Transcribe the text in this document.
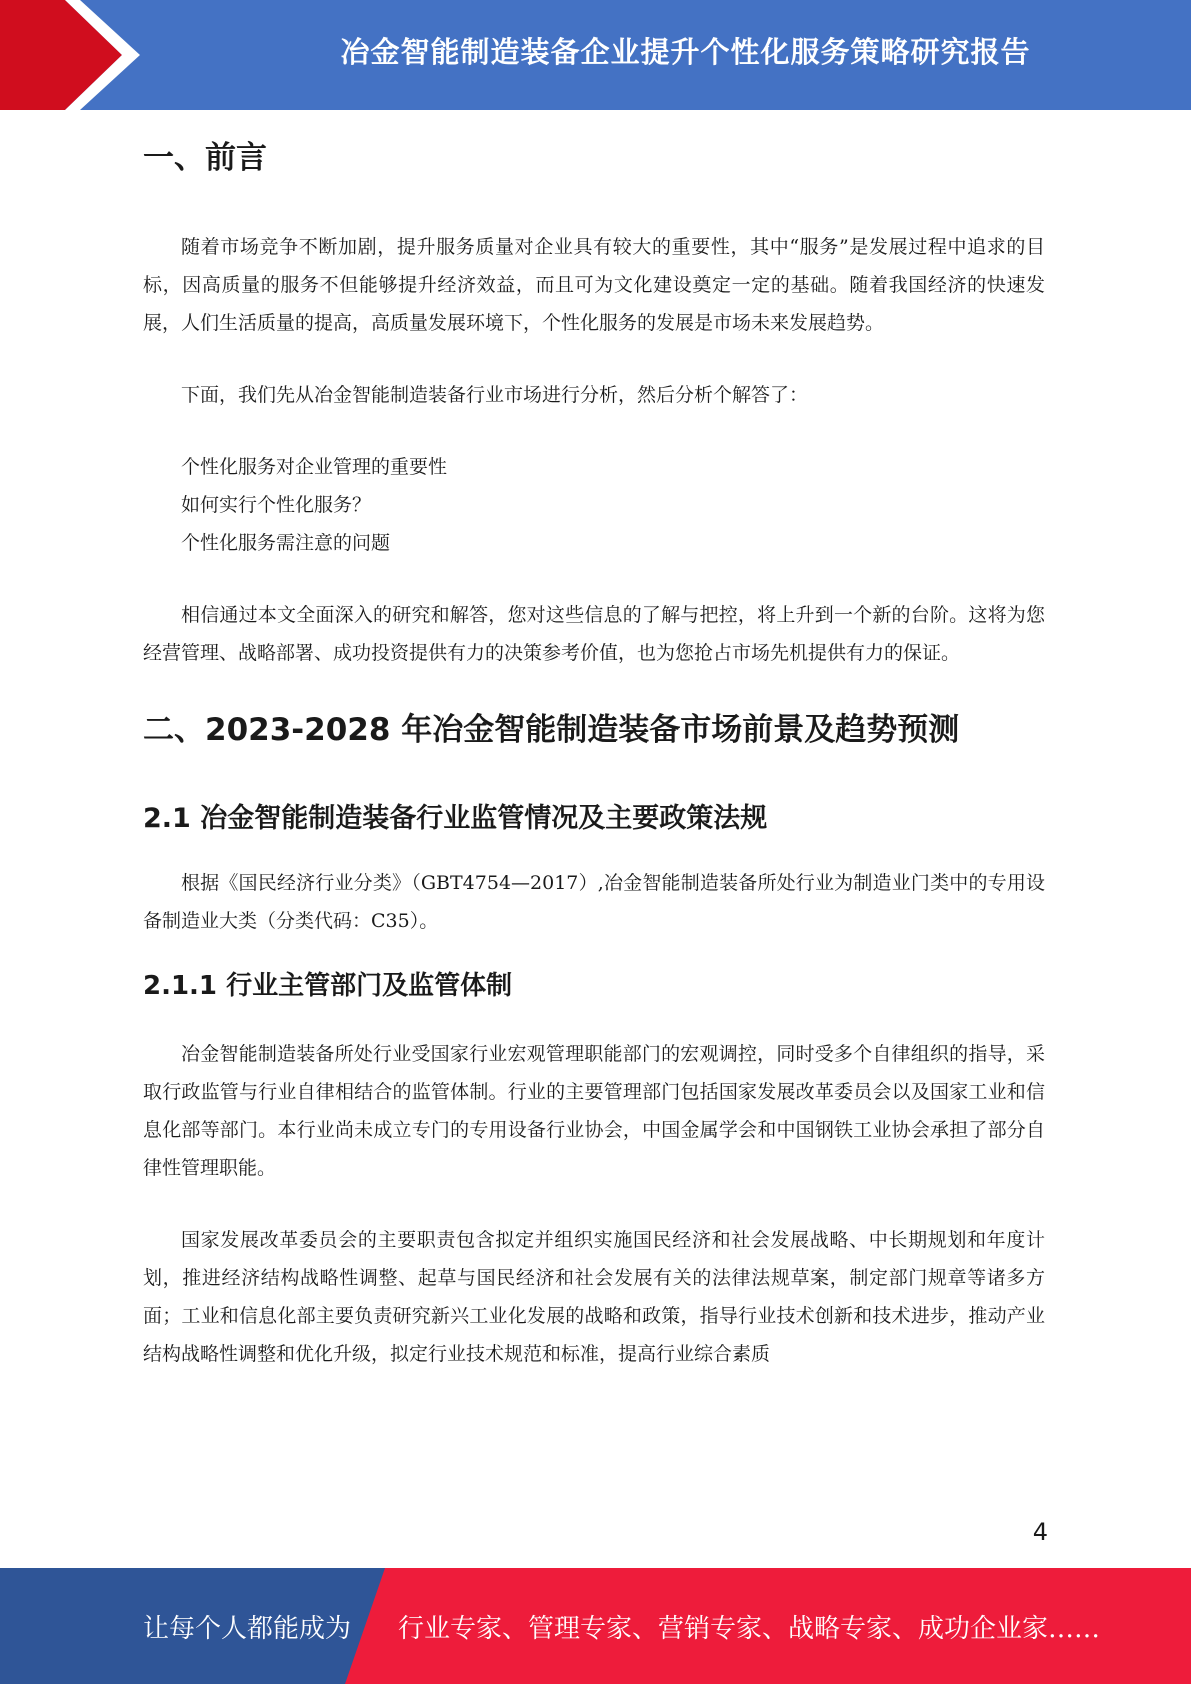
冶金智能制造装备企业提升个性化服务策略研究报告
一、前言

随着市场竞争不断加剧，提升服务质量对企业具有较大的重要性，其中“服务”是发展过程中追求的目标，因高质量的服务不但能够提升经济效益，而且可为文化建设奠定一定的基础。随着我国经济的快速发展，人们生活质量的提高，高质量发展环境下，个性化服务的发展是市场未来发展趋势。

下面，我们先从冶金智能制造装备行业市场进行分析，然后分析个解答了：

个性化服务对企业管理的重要性
如何实行个性化服务？
个性化服务需注意的问题

相信通过本文全面深入的研究和解答，您对这些信息的了解与把控，将上升到一个新的台阶。这将为您经营管理、战略部署、成功投资提供有力的决策参考价值，也为您抢占市场先机提供有力的保证。

二、2023-2028 年冶金智能制造装备市场前景及趋势预测
2.1 冶金智能制造装备行业监管情况及主要政策法规

根据《国民经济行业分类》（GBT4754—2017）,冶金智能制造装备所处行业为制造业门类中的专用设备制造业大类（分类代码：C35）。

2.1.1 行业主管部门及监管体制

冶金智能制造装备所处行业受国家行业宏观管理职能部门的宏观调控，同时受多个自律组织的指导，采取行政监管与行业自律相结合的监管体制。行业的主要管理部门包括国家发展改革委员会以及国家工业和信息化部等部门。本行业尚未成立专门的专用设备行业协会，中国金属学会和中国钢铁工业协会承担了部分自律性管理职能。

国家发展改革委员会的主要职责包含拟定并组织实施国民经济和社会发展战略、中长期规划和年度计划，推进经济结构战略性调整、起草与国民经济和社会发展有关的法律法规草案，制定部门规章等诸多方面；工业和信息化部主要负责研究新兴工业化发展的战略和政策，指导行业技术创新和技术进步，推动产业结构战略性调整和优化升级，拟定行业技术规范和标准，提高行业综合素质

4
让每个人都能成为 行业专家、管理专家、营销专家、战略专家、成功企业家……
